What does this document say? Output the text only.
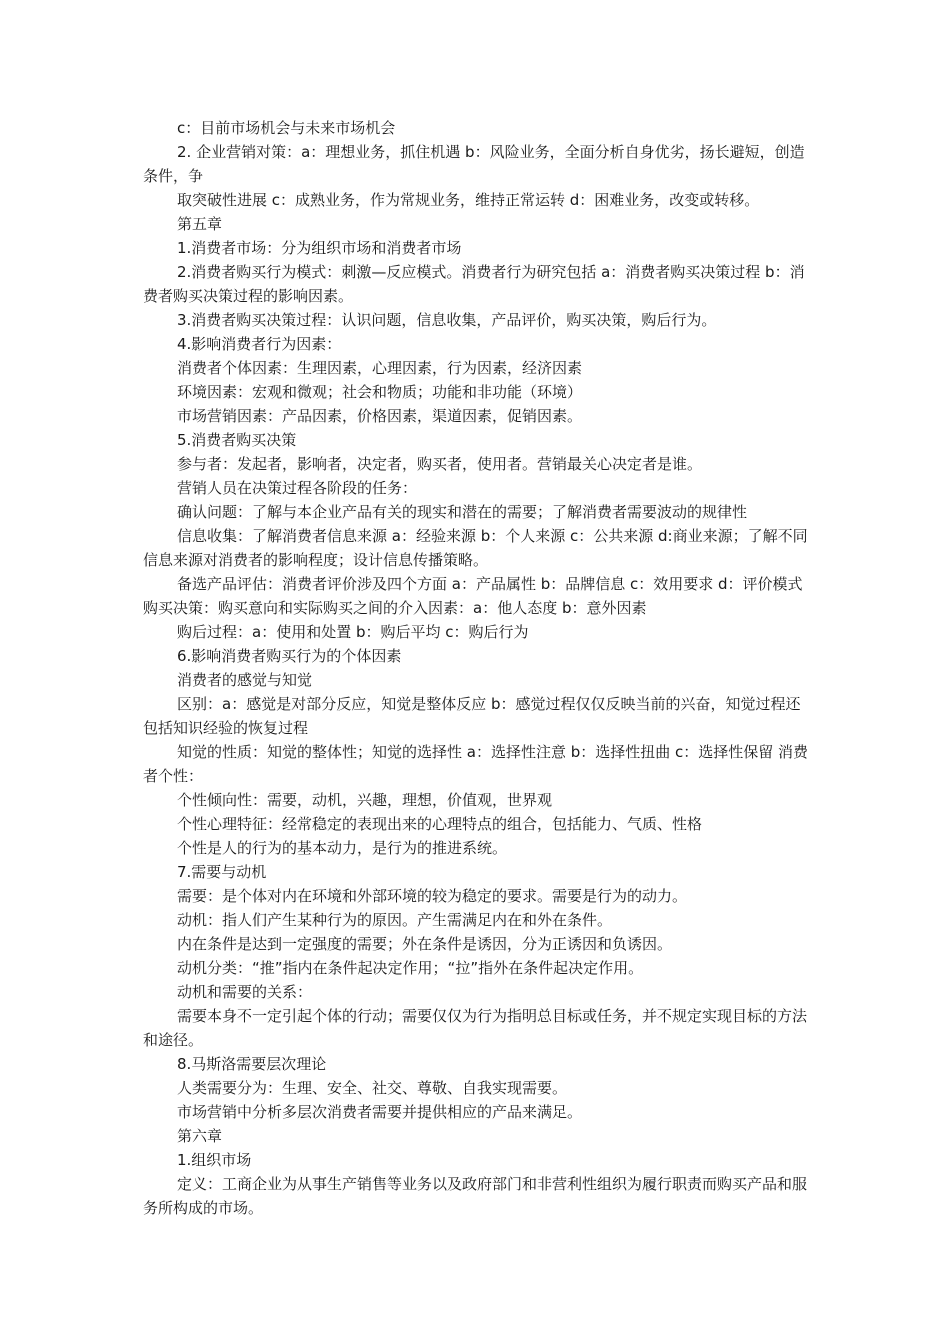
c：目前市场机会与未来市场机会

2. 企业营销对策：a：理想业务，抓住机遇 b：风险业务，全面分析自身优劣，扬长避短，创造条件，争

取突破性进展 c：成熟业务，作为常规业务，维持正常运转 d：困难业务，改变或转移。

第五章

1.消费者市场：分为组织市场和消费者市场

2.消费者购买行为模式：刺激—反应模式。消费者行为研究包括 a：消费者购买决策过程 b：消费者购买决策过程的影响因素。

3.消费者购买决策过程：认识问题，信息收集，产品评价，购买决策，购后行为。

4.影响消费者行为因素：

消费者个体因素：生理因素，心理因素，行为因素，经济因素

环境因素：宏观和微观；社会和物质；功能和非功能（环境）

市场营销因素：产品因素，价格因素，渠道因素，促销因素。

5.消费者购买决策

参与者：发起者，影响者，决定者，购买者，使用者。营销最关心决定者是谁。

营销人员在决策过程各阶段的任务：

确认问题：了解与本企业产品有关的现实和潜在的需要；了解消费者需要波动的规律性

信息收集：了解消费者信息来源 a：经验来源 b：个人来源 c：公共来源 d:商业来源；了解不同信息来源对消费者的影响程度；设计信息传播策略。

备选产品评估：消费者评价涉及四个方面 a：产品属性 b：品牌信息 c：效用要求 d：评价模式 购买决策：购买意向和实际购买之间的介入因素：a：他人态度 b：意外因素

购后过程：a：使用和处置 b：购后平均 c：购后行为

6.影响消费者购买行为的个体因素

消费者的感觉与知觉

区别：a：感觉是对部分反应，知觉是整体反应 b：感觉过程仅仅反映当前的兴奋，知觉过程还包括知识经验的恢复过程

知觉的性质：知觉的整体性；知觉的选择性 a：选择性注意 b：选择性扭曲 c：选择性保留 消费者个性：

个性倾向性：需要，动机，兴趣，理想，价值观，世界观

个性心理特征：经常稳定的表现出来的心理特点的组合，包括能力、气质、性格

个性是人的行为的基本动力，是行为的推进系统。

7.需要与动机

需要：是个体对内在环境和外部环境的较为稳定的要求。需要是行为的动力。

动机：指人们产生某种行为的原因。产生需满足内在和外在条件。

内在条件是达到一定强度的需要；外在条件是诱因，分为正诱因和负诱因。

动机分类：“推”指内在条件起决定作用；“拉”指外在条件起决定作用。

动机和需要的关系：

需要本身不一定引起个体的行动；需要仅仅为行为指明总目标或任务，并不规定实现目标的方法和途径。

8.马斯洛需要层次理论

人类需要分为：生理、安全、社交、尊敬、自我实现需要。

市场营销中分析多层次消费者需要并提供相应的产品来满足。

第六章

1.组织市场

定义：工商企业为从事生产销售等业务以及政府部门和非营利性组织为履行职责而购买产品和服务所构成的市场。
